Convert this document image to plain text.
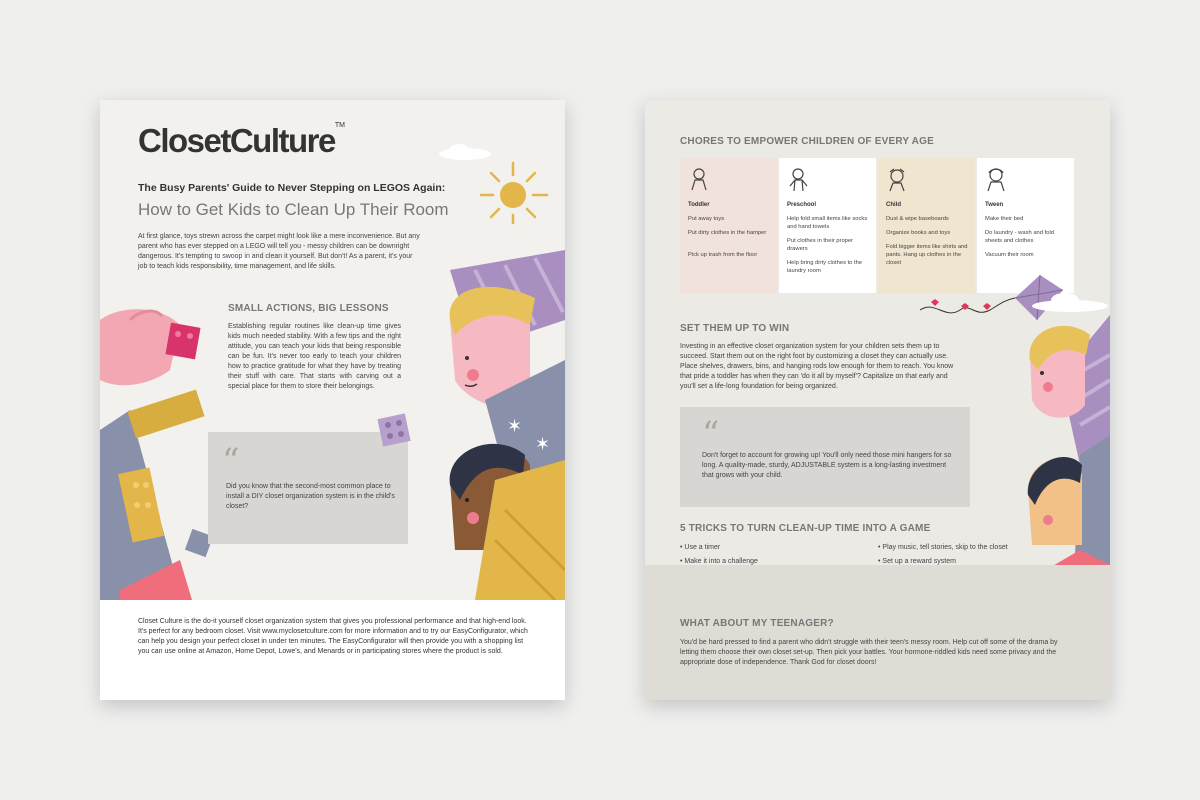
ClosetCulture™
The Busy Parents' Guide to Never Stepping on LEGOS Again:
How to Get Kids to Clean Up Their Room
At first glance, toys strewn across the carpet might look like a mere inconvenience. But any parent who has ever stepped on a LEGO will tell you - messy children can be downright dangerous. It's tempting to swoop in and clean it yourself. But don't! As a parent, it's your job to teach kids responsibility, time management, and life skills.
SMALL ACTIONS, BIG LESSONS
Establishing regular routines like clean-up time gives kids much needed stability. With a few tips and the right attitude, you can teach your kids that being responsible can be fun. It's never too early to teach your children how to practice gratitude for what they have by treating their stuff with care. That starts with carving out a special place for them to store their belongings.
“
Did you know that the second-most common place to install a DIY closet organization system is in the child's closet?
✶
✶
Closet Culture is the do-it yourself closet organization system that gives you professional performance and that high-end look. It's perfect for any bedroom closet. Visit www.myclosetculture.com for more information and to try our EasyConfigurator, which can help you design your perfect closet in under ten minutes. The EasyConfigurator will then provide you with a shopping list you can use online at Amazon, Home Depot, Lowe's, and Menards or in participating stores where the product is sold.
CHORES TO EMPOWER CHILDREN OF EVERY AGE
Toddler
Put away toys
Put dirty clothes in the hamper
Pick up trash from the floor
Preschool
Help fold small items like socks and hand towels
Put clothes in their proper drawers
Help bring dirty clothes to the laundry room
Child
Dust & wipe baseboards
Organize books and toys
Fold bigger items like shirts and pants. Hang up clothes in the closet
Tween
Make their bed
Do laundry - wash and fold sheets and clothes
Vacuum their room
SET THEM UP TO WIN
Investing in an effective closet organization system for your children sets them up to succeed. Start them out on the right foot by customizing a closet they can actually use. Place shelves, drawers, bins, and hanging rods low enough for them to reach. You know that pride a toddler has when they can 'do it all by myself'? Capitalize on that early and you'll set a life-long foundation for being organized.
“
Don't forget to account for growing up! You'll only need those mini hangers for so long. A quality-made, sturdy, ADJUSTABLE system is a long-lasting investment that grows with your child.
5 TRICKS TO TURN CLEAN-UP TIME INTO A GAME
• Use a timer
• Make it into a challenge
• Play music, tell stories, skip to the closet
• Set up a reward system
WHAT ABOUT MY TEENAGER?
You'd be hard pressed to find a parent who didn't struggle with their teen's messy room. Help cut off some of the drama by letting them choose their own closet set-up. Then pick your battles. Your hormone-riddled kids need some privacy and the appropriate dose of independence. Thank God for closet doors!
